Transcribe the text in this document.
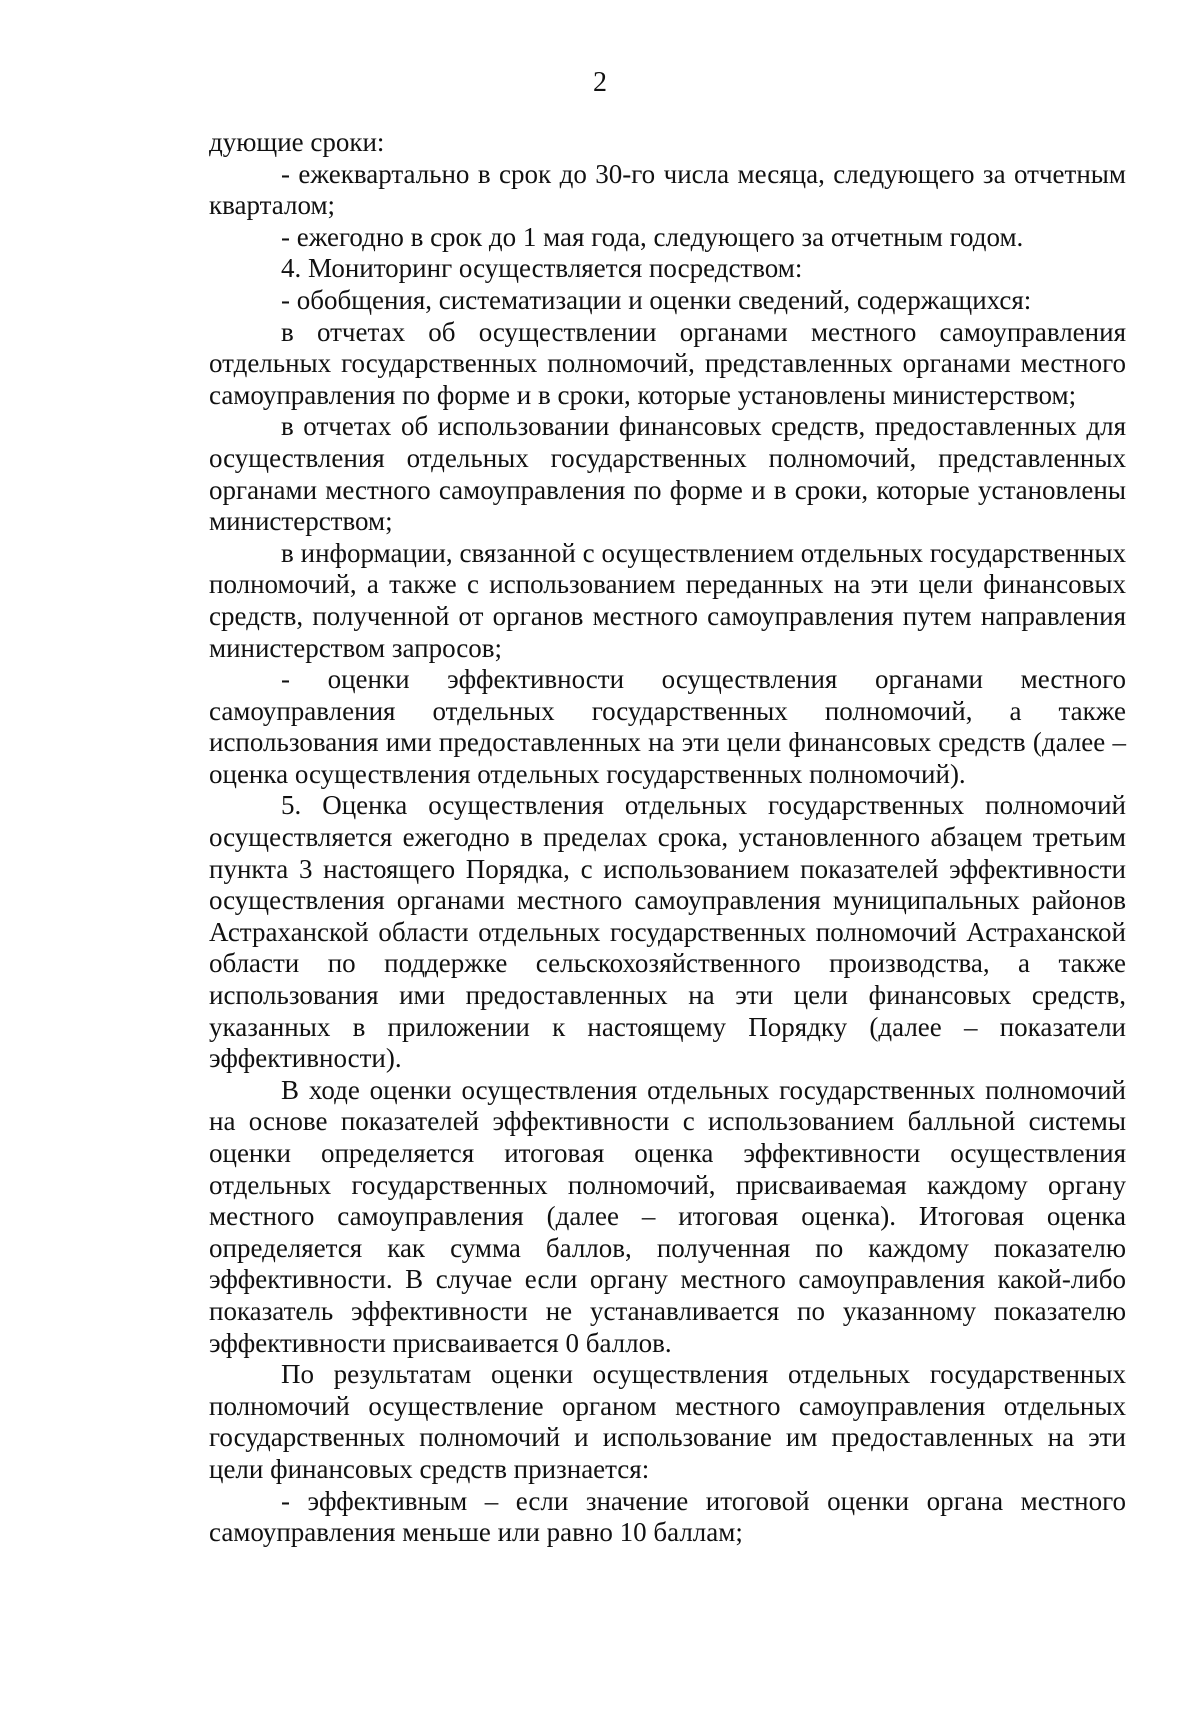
2

дующие сроки:

- ежеквартально в срок до 30-го числа месяца, следующего за отчетным кварталом;

- ежегодно в срок до 1 мая года, следующего за отчетным годом.

4. Мониторинг осуществляется посредством:

- обобщения, систематизации и оценки сведений, содержащихся:

в отчетах об осуществлении органами местного самоуправления отдельных государственных полномочий, представленных органами местного самоуправления по форме и в сроки, которые установлены министерством;

в отчетах об использовании финансовых средств, предоставленных для осуществления отдельных государственных полномочий, представленных органами местного самоуправления по форме и в сроки, которые установлены министерством;

в информации, связанной с осуществлением отдельных государственных полномочий, а также с использованием переданных на эти цели финансовых средств, полученной от органов местного самоуправления путем направления министерством запросов;

- оценки эффективности осуществления органами местного самоуправления отдельных государственных полномочий, а также использования ими предоставленных на эти цели финансовых средств (далее – оценка осуществления отдельных государственных полномочий).

5. Оценка осуществления отдельных государственных полномочий осуществляется ежегодно в пределах срока, установленного абзацем третьим пункта 3 настоящего Порядка, с использованием показателей эффективности осуществления органами местного самоуправления муниципальных районов Астраханской области отдельных государственных полномочий Астраханской области по поддержке сельскохозяйственного производства, а также использования ими предоставленных на эти цели финансовых средств, указанных в приложении к настоящему Порядку (далее – показатели эффективности).

В ходе оценки осуществления отдельных государственных полномочий на основе показателей эффективности с использованием балльной системы оценки определяется итоговая оценка эффективности осуществления отдельных государственных полномочий, присваиваемая каждому органу местного самоуправления (далее – итоговая оценка). Итоговая оценка определяется как сумма баллов, полученная по каждому показателю эффективности. В случае если органу местного самоуправления какой-либо показатель эффективности не устанавливается по указанному показателю эффективности присваивается 0 баллов.

По результатам оценки осуществления отдельных государственных полномочий осуществление органом местного самоуправления отдельных государственных полномочий и использование им предоставленных на эти цели финансовых средств признается:

- эффективным – если значение итоговой оценки органа местного самоуправления меньше или равно 10 баллам;
